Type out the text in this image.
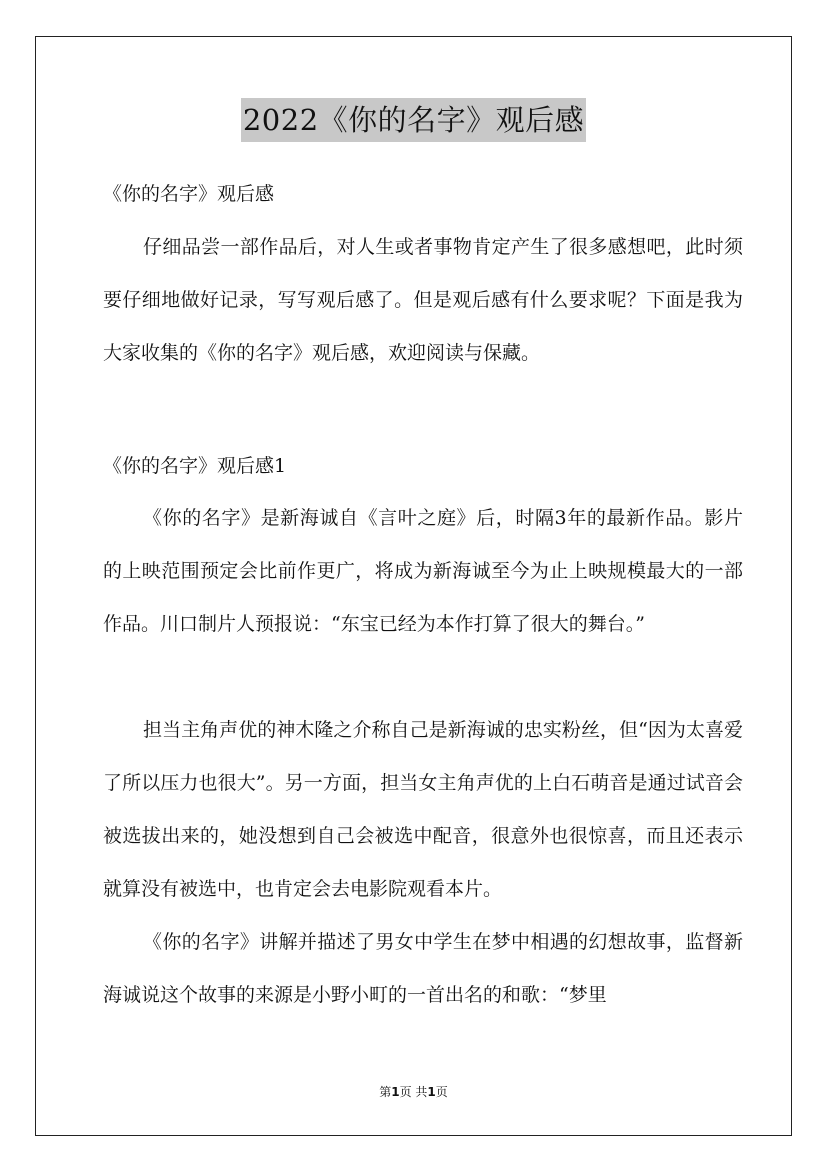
2022《你的名字》观后感
《你的名字》观后感
仔细品尝一部作品后，对人生或者事物肯定产生了很多感想吧，此时须要仔细地做好记录，写写观后感了。但是观后感有什么要求呢？下面是我为大家收集的《你的名字》观后感，欢迎阅读与保藏。
《你的名字》观后感1
《你的名字》是新海诚自《言叶之庭》后，时隔3年的最新作品。影片的上映范围预定会比前作更广，将成为新海诚至今为止上映规模最大的一部作品。川口制片人预报说：“东宝已经为本作打算了很大的舞台。”
担当主角声优的神木隆之介称自己是新海诚的忠实粉丝，但“因为太喜爱了所以压力也很大”。另一方面，担当女主角声优的上白石萌音是通过试音会被选拔出来的，她没想到自己会被选中配音，很意外也很惊喜，而且还表示就算没有被选中，也肯定会去电影院观看本片。
《你的名字》讲解并描述了男女中学生在梦中相遇的幻想故事，监督新海诚说这个故事的来源是小野小町的一首出名的和歌：“梦里
第1页 共1页
